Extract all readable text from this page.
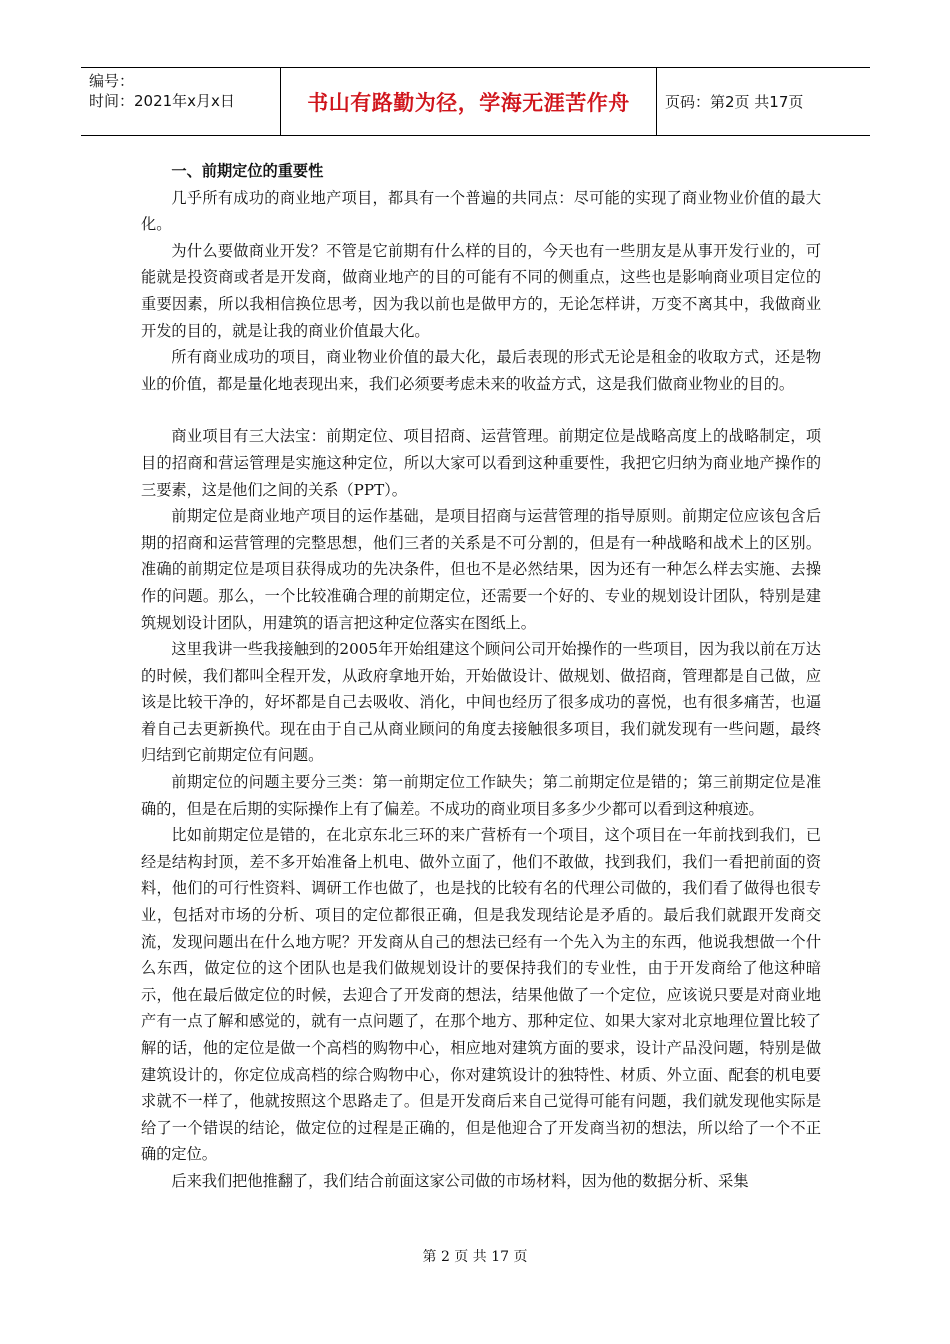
编号：
时间：2021年x月x日	书山有路勤为径，学海无涯苦作舟	页码：第2页 共17页
一、前期定位的重要性

几乎所有成功的商业地产项目，都具有一个普遍的共同点：尽可能的实现了商业物业价值的最大化。

为什么要做商业开发？不管是它前期有什么样的目的，今天也有一些朋友是从事开发行业的，可能就是投资商或者是开发商，做商业地产的目的可能有不同的侧重点，这些也是影响商业项目定位的重要因素，所以我相信换位思考，因为我以前也是做甲方的，无论怎样讲，万变不离其中，我做商业开发的目的，就是让我的商业价值最大化。

所有商业成功的项目，商业物业价值的最大化，最后表现的形式无论是租金的收取方式，还是物业的价值，都是量化地表现出来，我们必须要考虑未来的收益方式，这是我们做商业物业的目的。

商业项目有三大法宝：前期定位、项目招商、运营管理。前期定位是战略高度上的战略制定，项目的招商和营运管理是实施这种定位，所以大家可以看到这种重要性，我把它归纳为商业地产操作的三要素，这是他们之间的关系（PPT）。

前期定位是商业地产项目的运作基础，是项目招商与运营管理的指导原则。前期定位应该包含后期的招商和运营管理的完整思想，他们三者的关系是不可分割的，但是有一种战略和战术上的区别。准确的前期定位是项目获得成功的先决条件，但也不是必然结果，因为还有一种怎么样去实施、去操作的问题。那么，一个比较准确合理的前期定位，还需要一个好的、专业的规划设计团队，特别是建筑规划设计团队，用建筑的语言把这种定位落实在图纸上。

这里我讲一些我接触到的2005年开始组建这个顾问公司开始操作的一些项目，因为我以前在万达的时候，我们都叫全程开发，从政府拿地开始，开始做设计、做规划、做招商，管理都是自己做，应该是比较干净的，好坏都是自己去吸收、消化，中间也经历了很多成功的喜悦，也有很多痛苦，也逼着自己去更新换代。现在由于自己从商业顾问的角度去接触很多项目，我们就发现有一些问题，最终归结到它前期定位有问题。

前期定位的问题主要分三类：第一前期定位工作缺失；第二前期定位是错的；第三前期定位是准确的，但是在后期的实际操作上有了偏差。不成功的商业项目多多少少都可以看到这种痕迹。

比如前期定位是错的，在北京东北三环的来广营桥有一个项目，这个项目在一年前找到我们，已经是结构封顶，差不多开始准备上机电、做外立面了，他们不敢做，找到我们，我们一看把前面的资料，他们的可行性资料、调研工作也做了，也是找的比较有名的代理公司做的，我们看了做得也很专业，包括对市场的分析、项目的定位都很正确，但是我发现结论是矛盾的。最后我们就跟开发商交流，发现问题出在什么地方呢？开发商从自己的想法已经有一个先入为主的东西，他说我想做一个什么东西，做定位的这个团队也是我们做规划设计的要保持我们的专业性，由于开发商给了他这种暗示，他在最后做定位的时候，去迎合了开发商的想法，结果他做了一个定位，应该说只要是对商业地产有一点了解和感觉的，就有一点问题了，在那个地方、那种定位、如果大家对北京地理位置比较了解的话，他的定位是做一个高档的购物中心，相应地对建筑方面的要求，设计产品没问题，特别是做建筑设计的，你定位成高档的综合购物中心，你对建筑设计的独特性、材质、外立面、配套的机电要求就不一样了，他就按照这个思路走了。但是开发商后来自己觉得可能有问题，我们就发现他实际是给了一个错误的结论，做定位的过程是正确的，但是他迎合了开发商当初的想法，所以给了一个不正确的定位。

后来我们把他推翻了，我们结合前面这家公司做的市场材料，因为他的数据分析、采集

第 2 页 共 17 页
